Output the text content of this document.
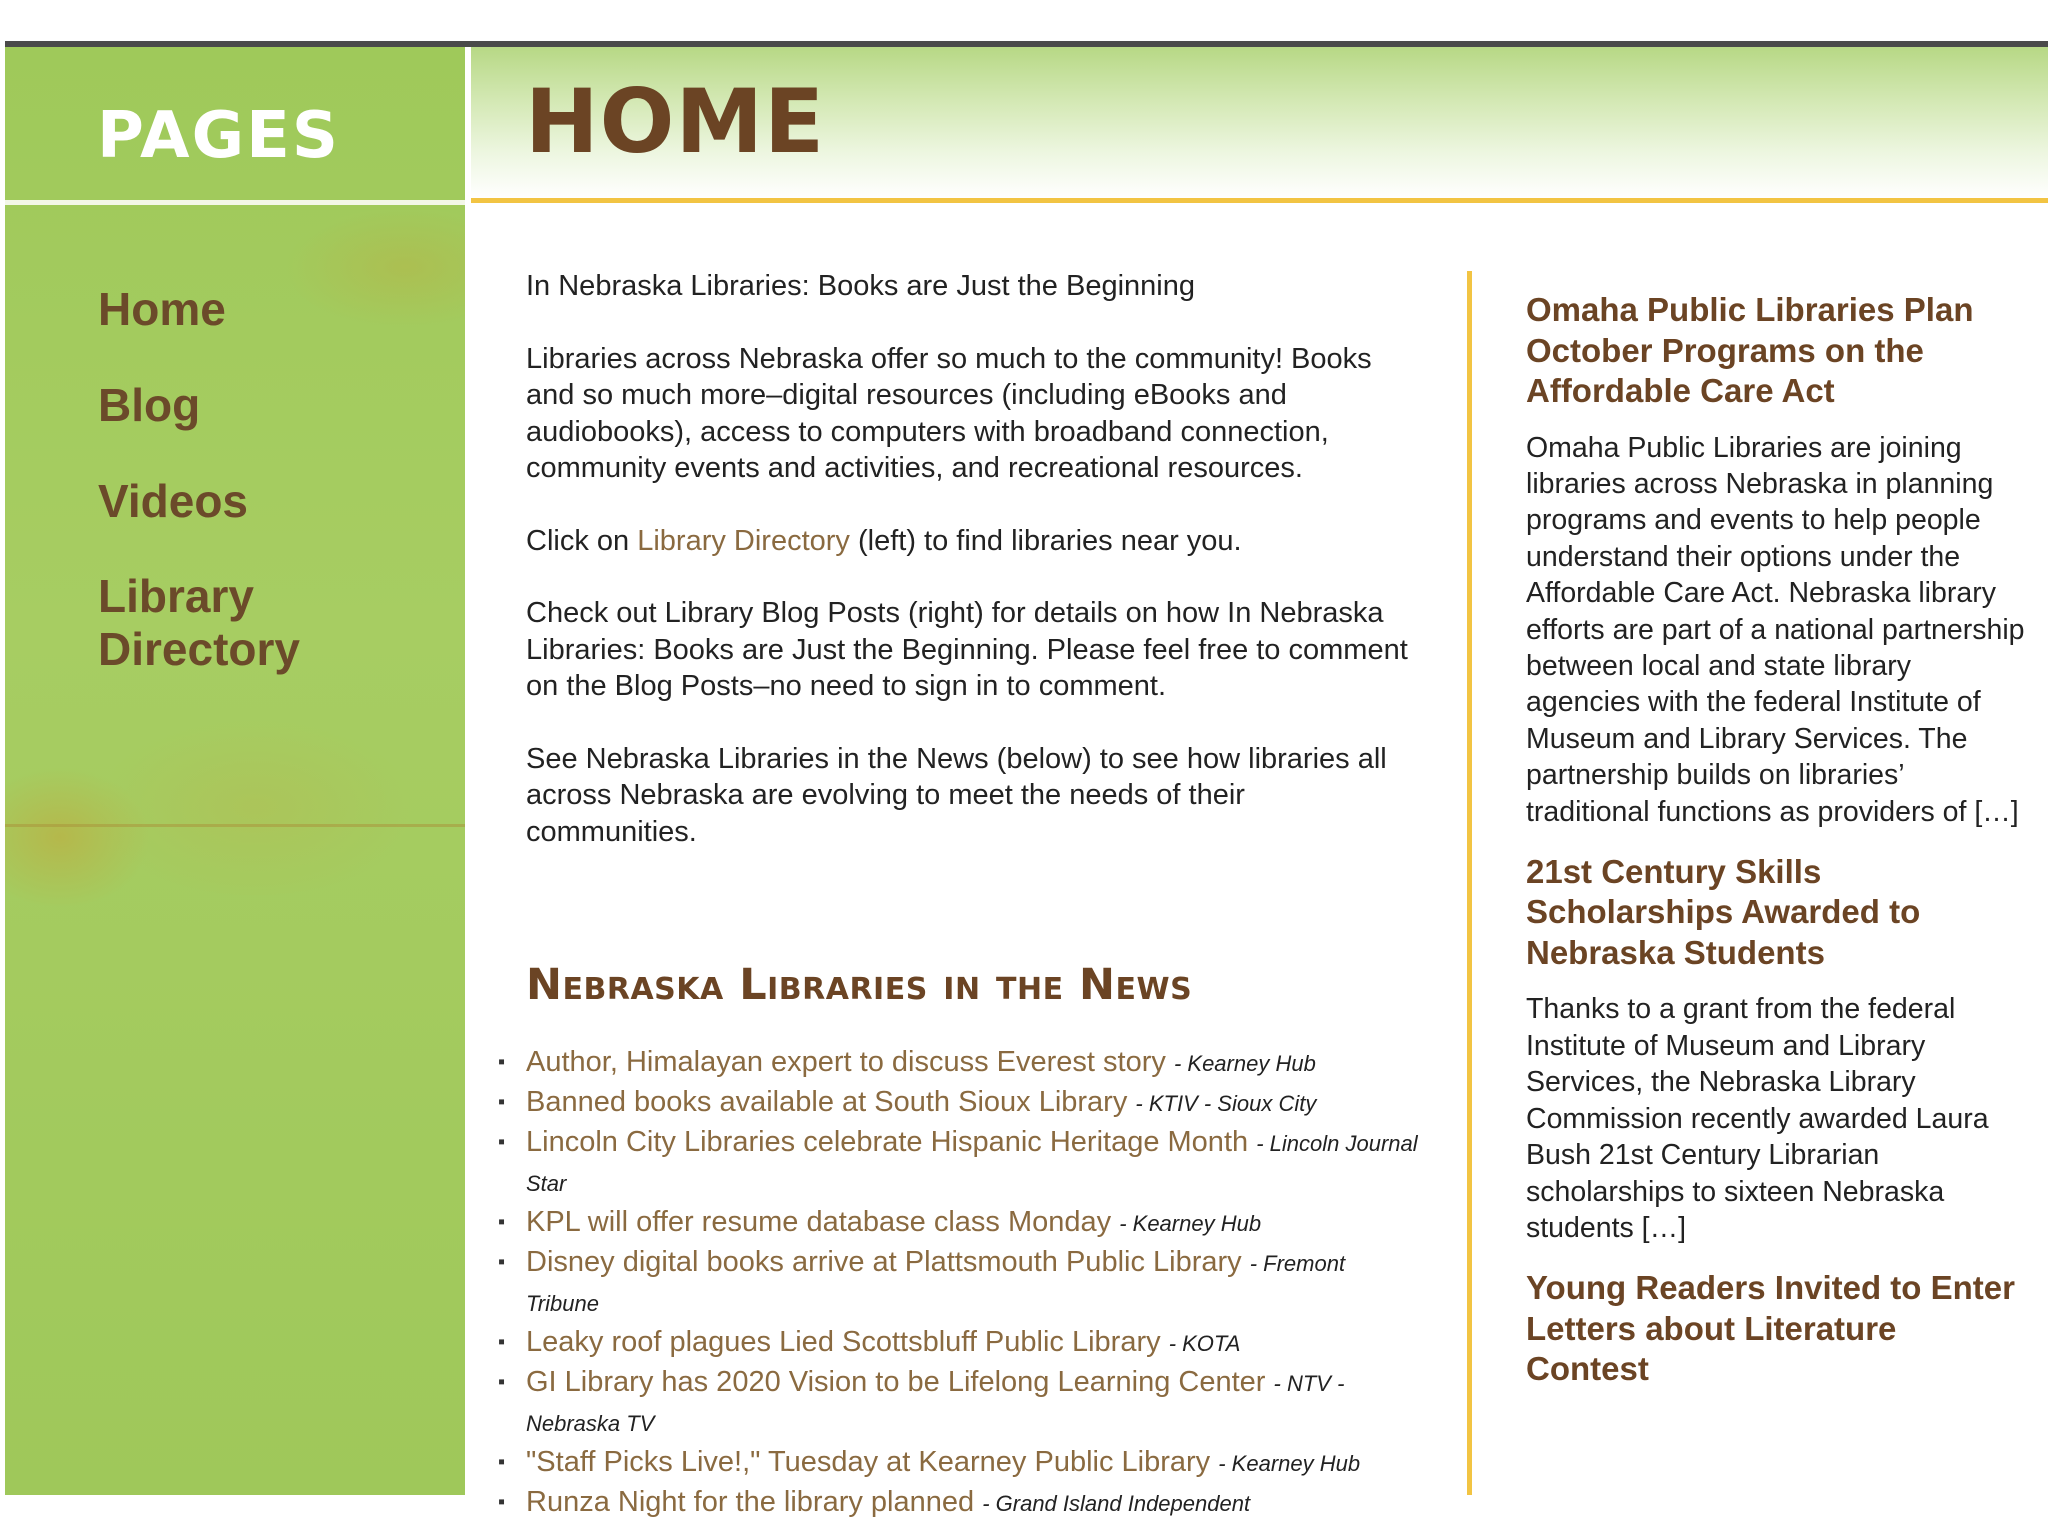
PAGES
Home
Blog
Videos
Library Directory
HOME

In Nebraska Libraries: Books are Just the Beginning

Libraries across Nebraska offer so much to the community! Books and so much more–digital resources (including eBooks and audiobooks), access to computers with broadband connection, community events and activities, and recreational resources.

Click on Library Directory (left) to find libraries near you.

Check out Library Blog Posts (right) for details on how In Nebraska Libraries: Books are Just the Beginning. Please feel free to comment on the Blog Posts–no need to sign in to comment.

See Nebraska Libraries in the News (below) to see how libraries all across Nebraska are evolving to meet the needs of their communities.

Nebraska Libraries in the News
▪ Author, Himalayan expert to discuss Everest story - Kearney Hub
▪ Banned books available at South Sioux Library - KTIV - Sioux City
▪ Lincoln City Libraries celebrate Hispanic Heritage Month - Lincoln Journal Star
▪ KPL will offer resume database class Monday - Kearney Hub
▪ Disney digital books arrive at Plattsmouth Public Library - Fremont Tribune
▪ Leaky roof plagues Lied Scottsbluff Public Library - KOTA
▪ GI Library has 2020 Vision to be Lifelong Learning Center - NTV - Nebraska TV
▪ "Staff Picks Live!," Tuesday at Kearney Public Library - Kearney Hub
▪ Runza Night for the library planned - Grand Island Independent
Omaha Public Libraries Plan October Programs on the Affordable Care Act

Omaha Public Libraries are joining libraries across Nebraska in planning programs and events to help people understand their options under the Affordable Care Act. Nebraska library efforts are part of a national partnership between local and state library agencies with the federal Institute of Museum and Library Services. The partnership builds on libraries’ traditional functions as providers of […]

21st Century Skills Scholarships Awarded to Nebraska Students

Thanks to a grant from the federal Institute of Museum and Library Services, the Nebraska Library Commission recently awarded Laura Bush 21st Century Librarian scholarships to sixteen Nebraska students […]

Young Readers Invited to Enter Letters about Literature Contest
